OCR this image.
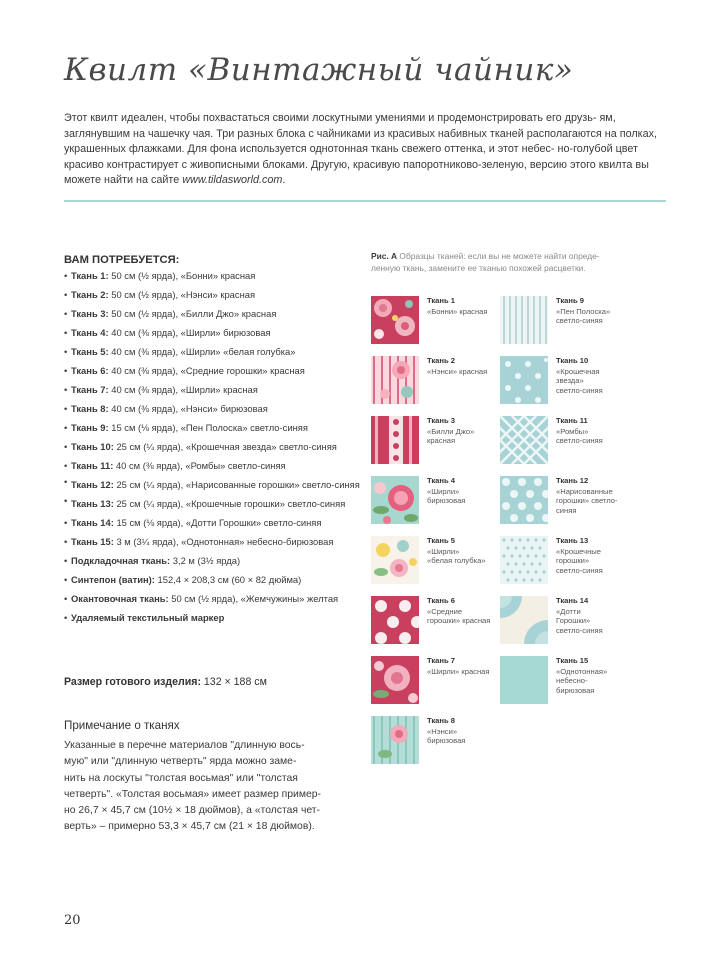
Квилт «Винтажный чайник»
Этот квилт идеален, чтобы похвастаться своими лоскутными умениями и продемонстрировать его друзь- ям, заглянувшим на чашечку чая. Три разных блока с чайниками из красивых набивных тканей располагаются на полках, украшенных флажками. Для фона используется однотонная ткань свежего оттенка, и этот небес- но-голубой цвет красиво контрастирует с живописными блоками. Другую, красивую папоротниково-зеленую, версию этого квилта вы можете найти на сайте www.tildasworld.com.
ВАМ ПОТРЕБУЕТСЯ:
• Ткань 1: 50 см (½ ярда), «Бонни» красная
• Ткань 2: 50 см (½ ярда), «Нэнси» красная
• Ткань 3: 50 см (½ ярда), «Билли Джо» красная
• Ткань 4: 40 см (⅜ ярда), «Ширли» бирюзовая
• Ткань 5: 40 см (⅜ ярда), «Ширли» «белая голубка»
• Ткань 6: 40 см (⅜ ярда), «Средние горошки» красная
• Ткань 7: 40 см (⅜ ярда), «Ширли» красная
• Ткань 8: 40 см (⅜ ярда), «Нэнси» бирюзовая
• Ткань 9: 15 см (⅛ ярда), «Пен Полоска» светло-синяя
• Ткань 10: 25 см (¼ ярда), «Крошечная звезда» светло-синяя
• Ткань 11: 40 см (⅜ ярда), «Ромбы» светло-синяя
• Ткань 12: 25 см (¼ ярда), «Нарисованные горошки» светло-синяя
• Ткань 13: 25 см (¼ ярда), «Крошечные горошки» светло-синяя
• Ткань 14: 15 см (⅛ ярда), «Дотти Горошки» светло-синяя
• Ткань 15: 3 м (3¼ ярда), «Однотонная» небесно-бирюзовая
• Подкладочная ткань: 3,2 м (3½ ярда)
• Синтепон (ватин): 152,4 × 208,3 см (60 × 82 дюйма)
• Окантовочная ткань: 50 см (½ ярда), «Жемчужины» желтая
• Удаляемый текстильный маркер
Размер готового изделия: 132 × 188 см
Примечание о тканях
Указанные в перечне материалов "длинную вось-
мую" или "длинную четверть" ярда можно заме-
нить на лоскуты "толстая восьмая" или "толстая
четверть". «Толстая восьмая» имеет размер пример-
но 26,7 × 45,7 см (10½ × 18 дюймов), а «толстая чет-
верть» – примерно 53,3 × 45,7 см (21 × 18 дюймов).
20
Рис. А Образцы тканей: если вы не можете найти опреде-
ленную ткань, замените ее тканью похожей расцветки.
Ткань 1
«Бонни» красная
Ткань 2
«Нэнси» красная
Ткань 3
«Билли Джо»
красная
Ткань 4
«Ширли»
бирюзовая
Ткань 5
«Ширли»
«белая голубка»
Ткань 6
«Средние
горошки» красная
Ткань 7
«Ширли» красная
Ткань 8
«Нэнси»
бирюзовая
Ткань 9
«Пен Полоска»
светло-синяя
Ткань 10
«Крошечная
звезда»
светло-синяя
Ткань 11
«Ромбы»
светло-синяя
Ткань 12
«Нарисованные
горошки» светло-
синяя
Ткань 13
«Крошечные
горошки»
светло-синяя
Ткань 14
«Дотти
Горошки»
светло-синяя
Ткань 15
«Однотонная»
небесно-
бирюзовая
